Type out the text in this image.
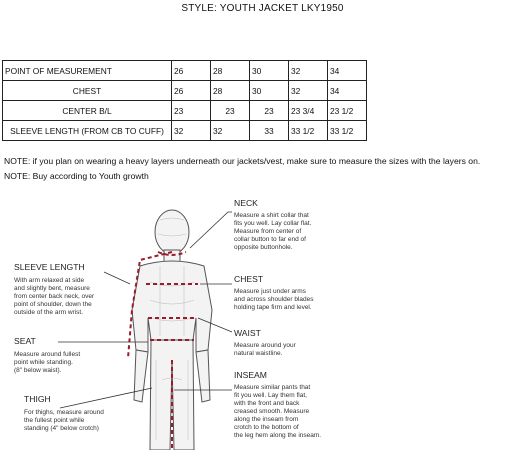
STYLE: YOUTH JACKET LKY1950
POINT OF MEASUREMENT	26	28	30	32	34
CHEST	26	28	30	32	34
CENTER B/L	23	23	23	23 3/4	23 1/2
SLEEVE LENGTH (FROM CB TO CUFF)	32	32	33	33 1/2	33 1/2
NOTE: if you plan on wearing a heavy layers underneath our jackets/vest, make sure to measure the sizes with the layers on.
NOTE: Buy according to Youth growth
NECK
Measure a shirt collar that
fits you well. Lay collar flat.
Measure from center of
collar button to far end of
opposite buttonhole.
CHEST
Measure just under arms
and across shoulder blades
holding tape firm and level.
WAIST
Measure around your
natural waistline.
INSEAM
Measure similar pants that
fit you well. Lay them flat,
with the front and back
creased smooth. Measure
along the inseam from
crotch to the bottom of
the leg hem along the inseam.
SLEEVE LENGTH
With arm relaxed at side
and slightly bent, measure
from center back neck, over
point of shoulder, down the
outside of the arm wrist.
SEAT
Measure around fullest
point while standing.
(8" below waist).
THIGH
For thighs, measure around
the fullest point while
standing (4" below crotch)
